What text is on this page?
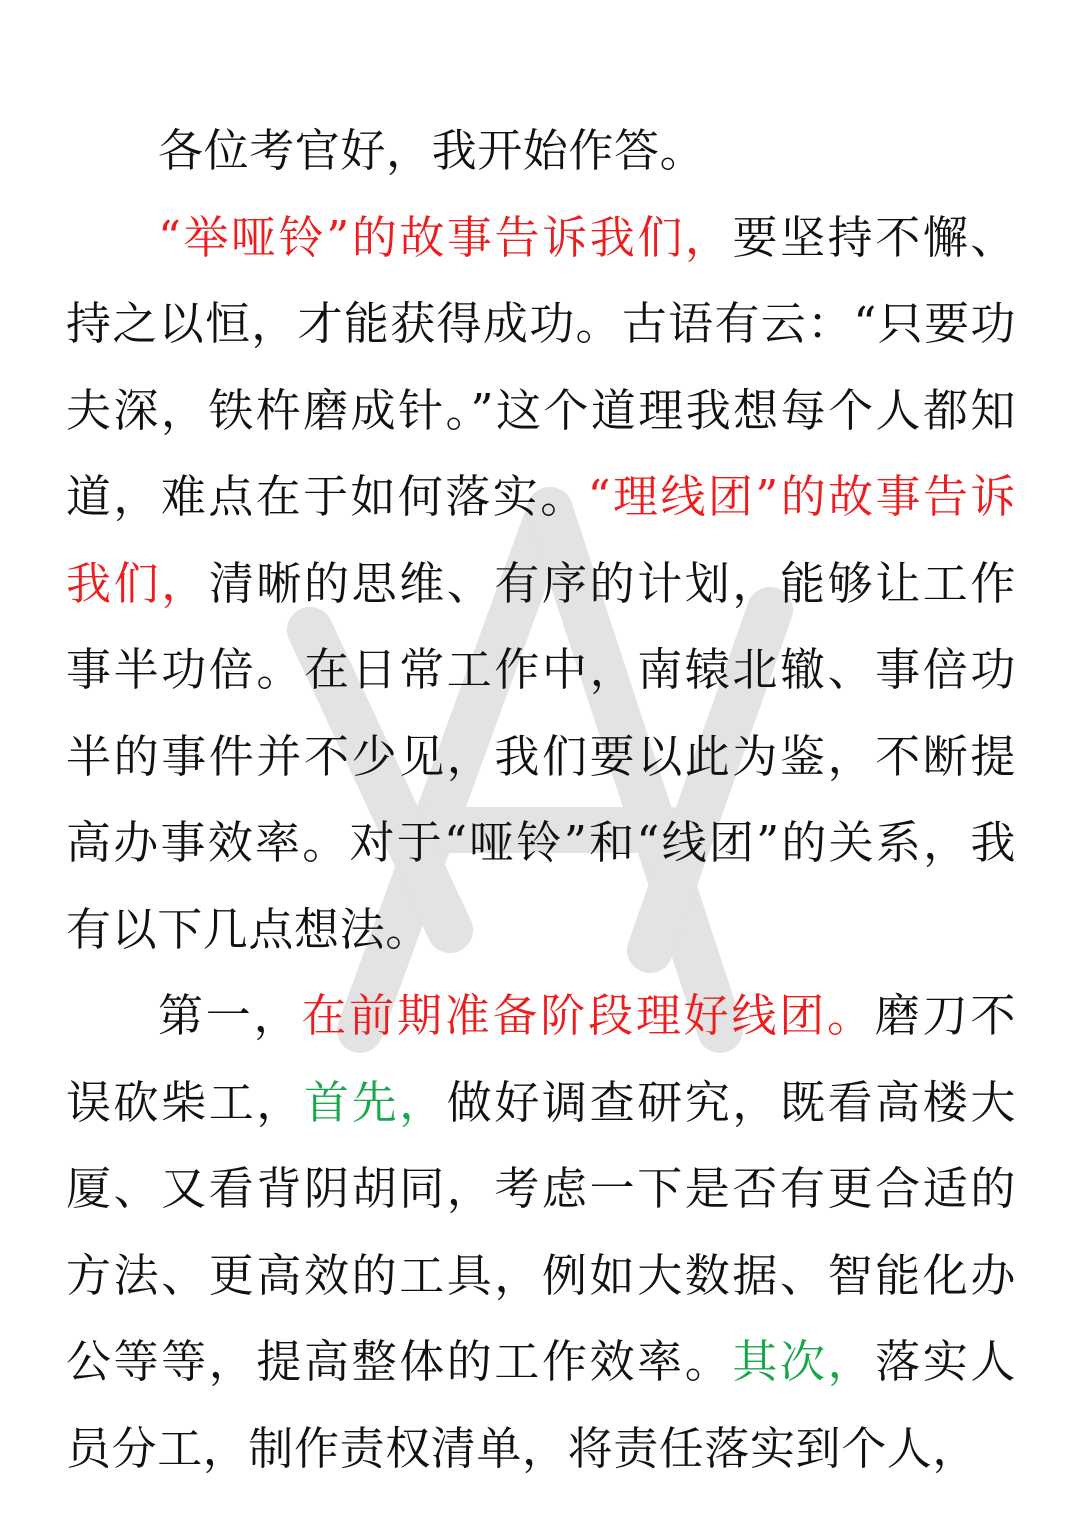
各位考官好，我开始作答。

“举哑铃”的故事告诉我们，要坚持不懈、持之以恒，才能获得成功。古语有云：“只要功夫深，铁杵磨成针。”这个道理我想每个人都知道，难点在于如何落实。“理线团”的故事告诉我们，清晰的思维、有序的计划，能够让工作事半功倍。在日常工作中，南辕北辙、事倍功半的事件并不少见，我们要以此为鉴，不断提高办事效率。对于“哑铃”和“线团”的关系，我有以下几点想法。

第一，在前期准备阶段理好线团。磨刀不误砍柴工，首先，做好调查研究，既看高楼大厦、又看背阴胡同，考虑一下是否有更合适的方法、更高效的工具，例如大数据、智能化办公等等，提高整体的工作效率。其次，落实人员分工，制作责权清单，将责任落实到个人，
